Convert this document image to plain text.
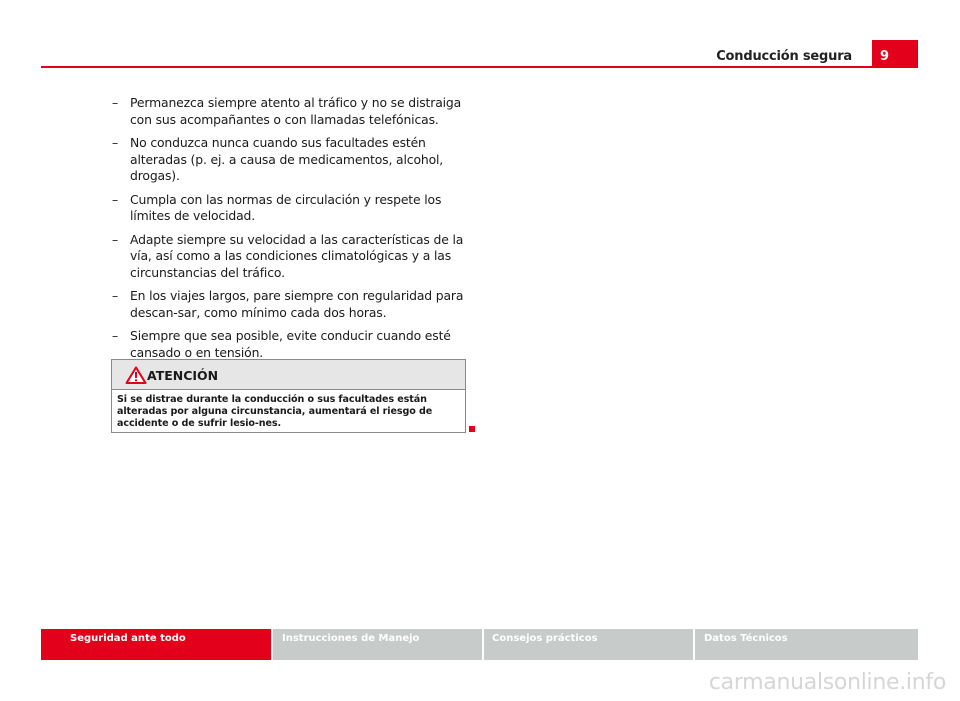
Conducción segura	9
– Permanezca siempre atento al tráfico y no se distraiga con sus acompañantes o con llamadas telefónicas.
– No conduzca nunca cuando sus facultades estén alteradas (p. ej. a causa de medicamentos, alcohol, drogas).
– Cumpla con las normas de circulación y respete los límites de velocidad.
– Adapte siempre su velocidad a las características de la vía, así como a las condiciones climatológicas y a las circunstancias del tráfico.
– En los viajes largos, pare siempre con regularidad para descan-sar, como mínimo cada dos horas.
– Siempre que sea posible, evite conducir cuando esté cansado o en tensión.
ATENCIÓN
Si se distrae durante la conducción o sus facultades están alteradas por alguna circunstancia, aumentará el riesgo de accidente o de sufrir lesio-nes.
Seguridad ante todo	Instrucciones de Manejo	Consejos prácticos	Datos Técnicos
carmanualsonline.info
